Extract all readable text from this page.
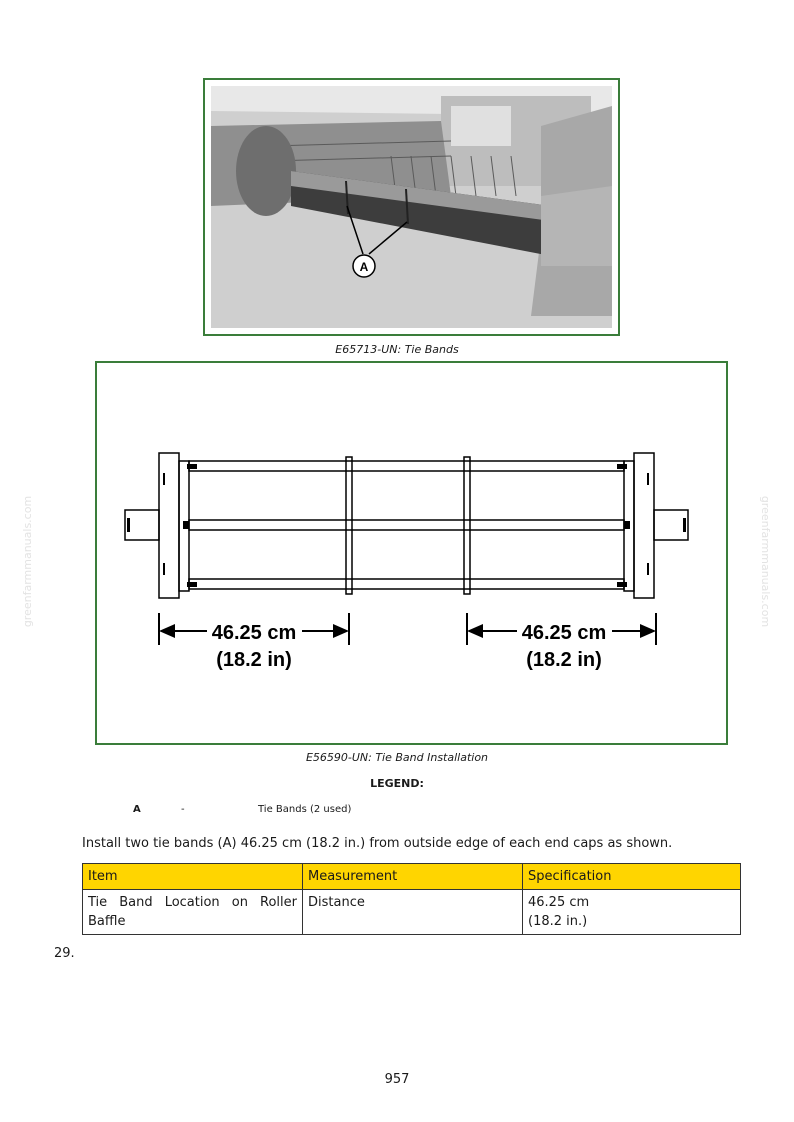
greenfarmmanuals.com	greenfarmmanuals.com
A
E65713-UN: Tie Bands
46.25 cm
(18.2 in)
46.25 cm
(18.2 in)
E56590-UN: Tie Band Installation
LEGEND:
A	-	Tie Bands (2 used)
Install two tie bands (A) 46.25 cm (18.2 in.) from outside edge of each end caps as shown.
Item	Measurement	Specification
Tie Band Location on Roller Baffle	Distance	46.25 cm
(18.2 in.)
29.
957
